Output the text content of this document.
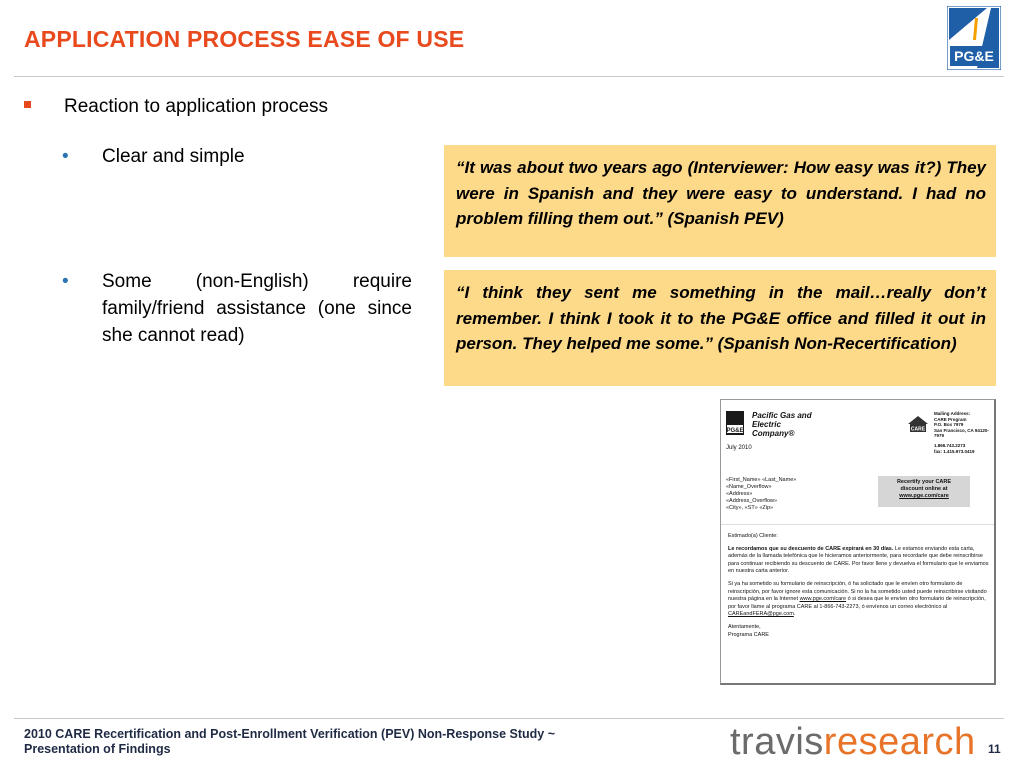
APPLICATION PROCESS EASE OF USE
PG&E
Reaction to application process
• Clear and simple
• Some (non-English) require family/friend assistance (one since she cannot read)
“It was about two years ago (Interviewer: How easy was it?) They were in Spanish and they were easy to understand. I had no problem filling them out.” (Spanish PEV)
“I think they sent me something in the mail…really don’t remember. I think I took it to the PG&E office and filled it out in person. They helped me some.” (Spanish Non-Recertification)
PG&E
Pacific Gas and Electric Company®	CARE
Mailing Address:
CARE Program
P.O. Box 7979
San Francisco, CA 94120-7979
1.866.743.2273
fax: 1.415.973.0419
July 2010
«First_Name» «Last_Name»
«Name_Overflow»
«Address»
«Address_Overflow»
«City», «ST» «Zip»
Recertify your CARE
discount online at
www.pge.com/care

Estimado(a) Cliente:

Le recordamos que su descuento de CARE expirará en 30 días. Le estamos enviando esta carta, además de la llamada telefónica que le hicieramos anteriormente, para recordarle que debe reinscribirse para continuar recibiendo su descuento de CARE. Por favor llene y devuelva el formulario que le enviamos en nuestra carta anterior.

Si ya ha sometido su formulario de reinscripción, ó ha solicitado que le envíen otro formulario de reinscripción, por favor ignore esta comunicación. Si no la ha sometido usted puede reinscribirse visitando nuestra página en la Internet www.pge.com/care ó si desea que le envíen otro formulario de reinscripción, por favor llame al programa CARE al 1-866-743-2273, ó envíenos un correo electrónico al CAREandFERA@pge.com.

Atentamente,
Programa CARE

2010 CARE Recertification and Post-Enrollment Verification (PEV) Non-Response Study ~
Presentation of Findings	travisresearch 11
